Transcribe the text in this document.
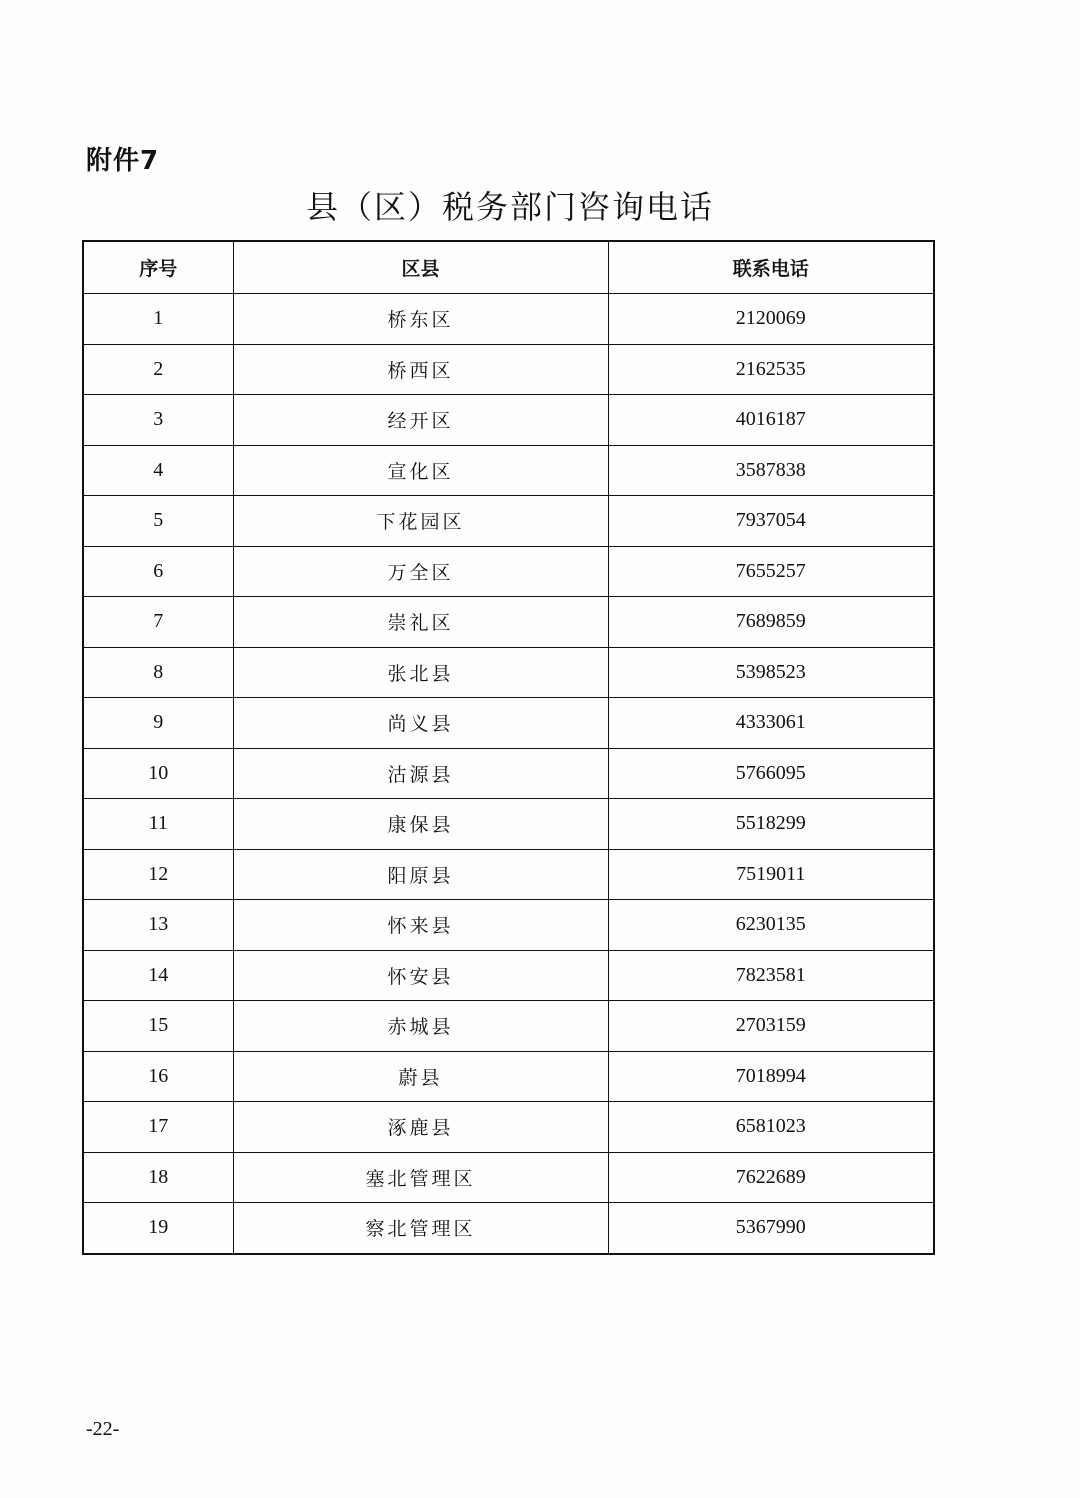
附件7
县（区）税务部门咨询电话
序号	区县	联系电话
1	桥东区	2120069
2	桥西区	2162535
3	经开区	4016187
4	宣化区	3587838
5	下花园区	7937054
6	万全区	7655257
7	崇礼区	7689859
8	张北县	5398523
9	尚义县	4333061
10	沽源县	5766095
11	康保县	5518299
12	阳原县	7519011
13	怀来县	6230135
14	怀安县	7823581
15	赤城县	2703159
16	蔚县	7018994
17	涿鹿县	6581023
18	塞北管理区	7622689
19	察北管理区	5367990
-22-
